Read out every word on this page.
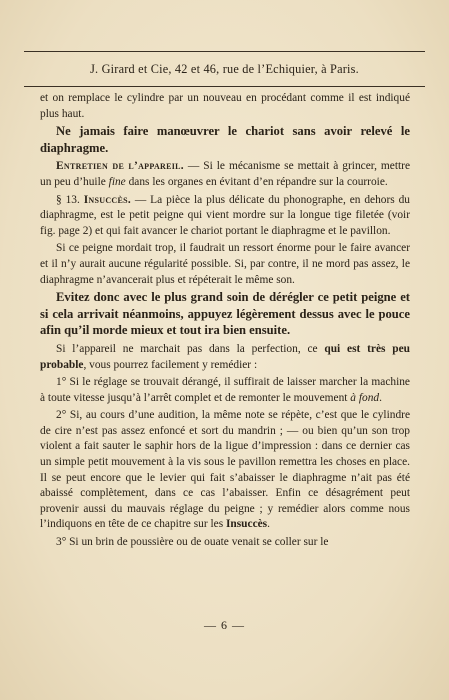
J. Girard et Cie, 42 et 46, rue de l’Echiquier, à Paris.

et on remplace le cylindre par un nouveau en procédant comme il est indiqué plus haut.

Ne jamais faire manœuvrer le chariot sans avoir relevé le diaphragme.

Entretien de l’appareil. — Si le mécanisme se mettait à grincer, mettre un peu d’huile fine dans les organes en évitant d’en répandre sur la courroie.

§ 13. Insuccès. — La pièce la plus délicate du phonographe, en dehors du diaphragme, est le petit peigne qui vient mordre sur la longue tige filetée (voir fig. page 2) et qui fait avancer le chariot portant le diaphragme et le pavillon.

Si ce peigne mordait trop, il faudrait un ressort énorme pour le faire avancer et il n’y aurait aucune régularité possible. Si, par contre, il ne mord pas assez, le diaphragme n’avancerait plus et répéterait le même son.

Evitez donc avec le plus grand soin de dérégler ce petit peigne et si cela arrivait néanmoins, appuyez légèrement dessus avec le pouce afin qu’il morde mieux et tout ira bien ensuite.

Si l’appareil ne marchait pas dans la perfection, ce qui est très peu probable, vous pourrez facilement y remédier :

1° Si le réglage se trouvait dérangé, il suffirait de laisser marcher la machine à toute vitesse jusqu’à l’arrêt complet et de remonter le mouvement à fond.

2° Si, au cours d’une audition, la même note se répète, c’est que le cylindre de cire n’est pas assez enfoncé et sort du mandrin ; — ou bien qu’un son trop violent a fait sauter le saphir hors de la ligue d’impression : dans ce dernier cas un simple petit mouvement à la vis sous le pavillon remettra les choses en place. Il se peut encore que le levier qui fait s’abaisser le diaphragme n’ait pas été abaissé complètement, dans ce cas l’abaisser. Enfin ce désagrément peut provenir aussi du mauvais réglage du peigne ; y remédier alors comme nous l’indiquons en tête de ce chapitre sur les Insuccès.

3° Si un brin de poussière ou de ouate venait se coller sur le

— 6 —
